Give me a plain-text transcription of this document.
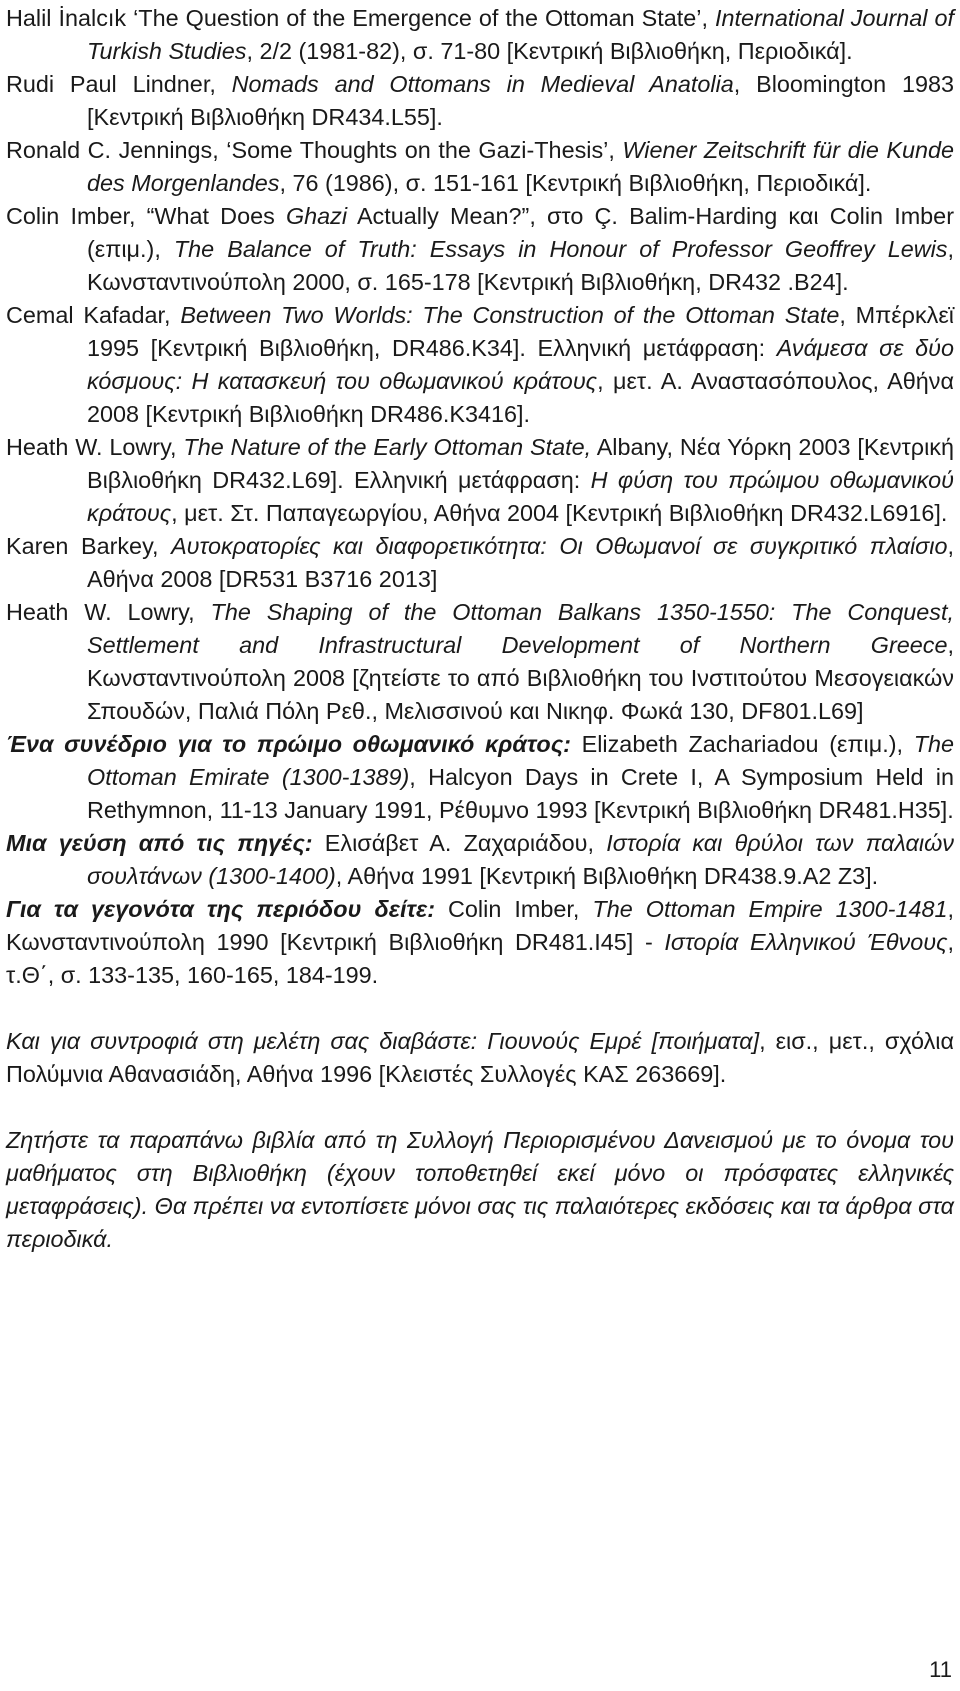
Halil İnalcık ‘The Question of the Emergence of the Ottoman State’, International Journal of Turkish Studies, 2/2 (1981-82), σ. 71-80 [Κεντρική Βιβλιοθήκη, Περιοδικά].

Rudi Paul Lindner, Nomads and Ottomans in Medieval Anatolia, Bloomington 1983 [Κεντρική Βιβλιοθήκη DR434.L55].

Ronald C. Jennings, ‘Some Thoughts on the Gazi-Thesis’, Wiener Zeitschrift für die Kunde des Morgenlandes, 76 (1986), σ. 151-161 [Κεντρική Βιβλιοθήκη, Περιοδικά].

Colin Imber, “What Does Ghazi Actually Mean?”, στο Ç. Balim-Harding και Colin Imber (επιμ.), The Balance of Truth: Essays in Honour of Professor Geoffrey Lewis, Κωνσταντινούπολη 2000, σ. 165-178 [Κεντρική Βιβλιοθήκη, DR432 .B24].

Cemal Kafadar, Between Two Worlds: The Construction of the Ottoman State, Μπέρκλεϊ 1995 [Κεντρική Βιβλιοθήκη, DR486.K34]. Ελληνική μετάφραση: Ανάμεσα σε δύο κόσμους: Η κατασκευή του οθωμανικού κράτους, μετ. Α. Αναστασόπουλος, Αθήνα 2008 [Κεντρική Βιβλιοθήκη DR486.K3416].

Heath W. Lowry, The Nature of the Early Ottoman State, Albany, Νέα Υόρκη 2003 [Κεντρική Βιβλιοθήκη DR432.L69]. Ελληνική μετάφραση: Η φύση του πρώιμου οθωμανικού κράτους, μετ. Στ. Παπαγεωργίου, Αθήνα 2004 [Κεντρική Βιβλιοθήκη DR432.L6916].

Karen Barkey, Αυτοκρατορίες και διαφορετικότητα: Οι Οθωμανοί σε συγκριτικό πλαίσιο, Αθήνα 2008 [DR531 B3716 2013]

Heath W. Lowry, The Shaping of the Ottoman Balkans 1350-1550: The Conquest, Settlement and Infrastructural Development of Northern Greece, Κωνσταντινούπολη 2008 [ζητείστε το από Βιβλιοθήκη του Ινστιτούτου Μεσογειακών Σπουδών, Παλιά Πόλη Ρεθ., Μελισσινού και Νικηφ. Φωκά 130, DF801.L69]

Ένα συνέδριο για το πρώιμο οθωμανικό κράτος: Elizabeth Zachariadou (επιμ.), The Ottoman Emirate (1300-1389), Halcyon Days in Crete I, A Symposium Held in Rethymnon, 11-13 January 1991, Ρέθυμνο 1993 [Κεντρική Βιβλιοθήκη DR481.H35].

Μια γεύση από τις πηγές: Ελισάβετ Α. Ζαχαριάδου, Ιστορία και θρύλοι των παλαιών σουλτάνων (1300-1400), Αθήνα 1991 [Κεντρική Βιβλιοθήκη DR438.9.A2 Z3].

Για τα γεγονότα της περιόδου δείτε: Colin Imber, The Ottoman Empire 1300-1481, Κωνσταντινούπολη 1990 [Κεντρική Βιβλιοθήκη DR481.I45] - Ιστορία Ελληνικού Έθνους, τ.Θ΄, σ. 133-135, 160-165, 184-199.

Και για συντροφιά στη μελέτη σας διαβάστε: Γιουνούς Εμρέ [ποιήματα], εισ., μετ., σχόλια Πολύμνια Αθανασιάδη, Αθήνα 1996 [Κλειστές Συλλογές ΚΑΣ 263669].

Ζητήστε τα παραπάνω βιβλία από τη Συλλογή Περιορισμένου Δανεισμού με το όνομα του μαθήματος στη Βιβλιοθήκη (έχουν τοποθετηθεί εκεί μόνο οι πρόσφατες ελληνικές μεταφράσεις). Θα πρέπει να εντοπίσετε μόνοι σας τις παλαιότερες εκδόσεις και τα άρθρα στα περιοδικά.

11
